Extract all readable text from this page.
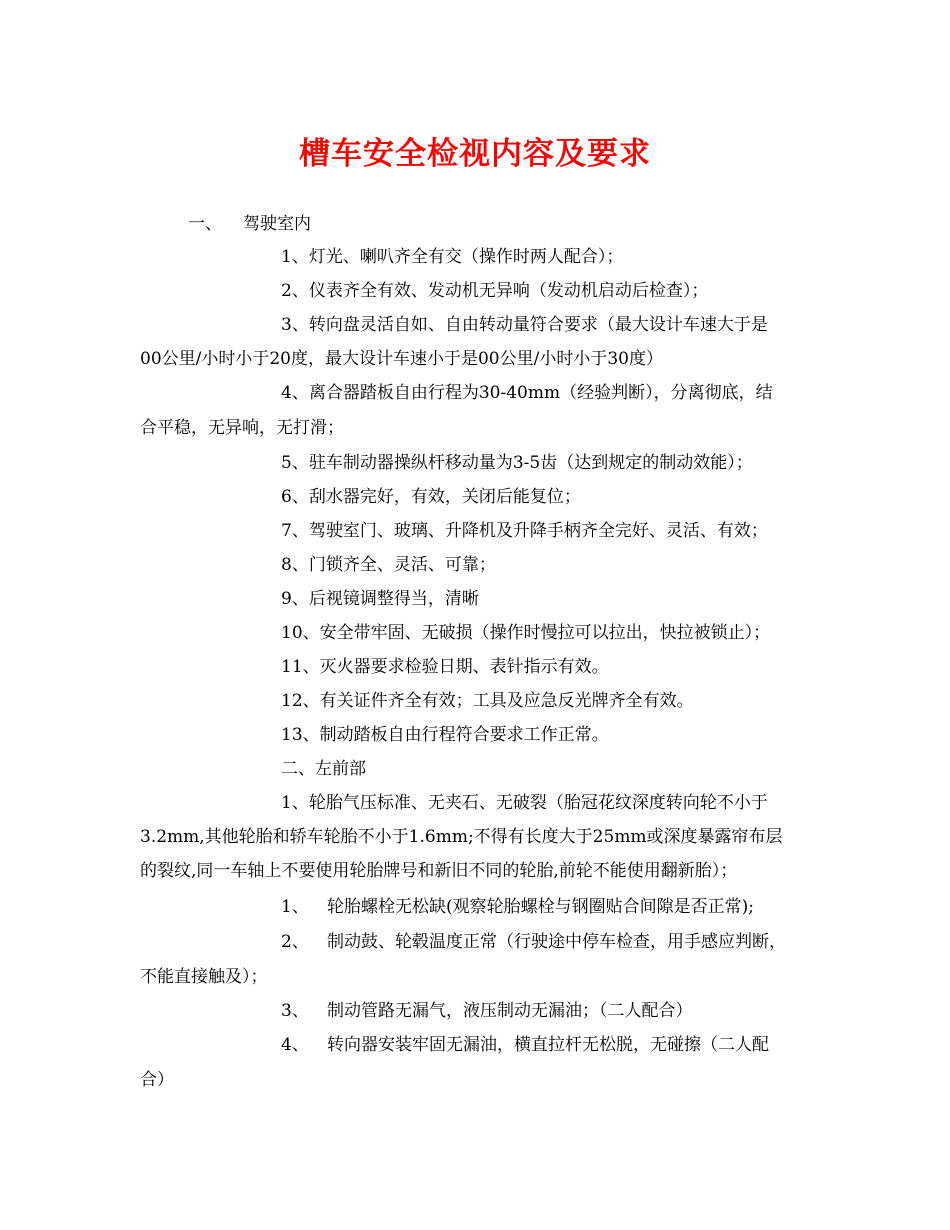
槽车安全检视内容及要求
一、 驾驶室内

1、灯光、喇叭齐全有交（操作时两人配合）；

2、仪表齐全有效、发动机无异响（发动机启动后检查）；

3、转向盘灵活自如、自由转动量符合要求（最大设计车速大于是

00公里/小时小于20度，最大设计车速小于是00公里/小时小于30度）

4、离合器踏板自由行程为30-40mm（经验判断），分离彻底，结

合平稳，无异响，无打滑；

5、驻车制动器操纵杆移动量为3-5齿（达到规定的制动效能）；

6、刮水器完好，有效，关闭后能复位；

7、驾驶室门、玻璃、升降机及升降手柄齐全完好、灵活、有效；

8、门锁齐全、灵活、可靠；

9、后视镜调整得当，清晰

10、安全带牢固、无破损（操作时慢拉可以拉出，快拉被锁止）；

11、灭火器要求检验日期、表针指示有效。

12、有关证件齐全有效；工具及应急反光牌齐全有效。

13、制动踏板自由行程符合要求工作正常。

二、左前部

1、轮胎气压标准、无夹石、无破裂（胎冠花纹深度转向轮不小于

3.2mm,其他轮胎和轿车轮胎不小于1.6mm;不得有长度大于25mm或深度暴露帘布层

的裂纹,同一车轴上不要使用轮胎牌号和新旧不同的轮胎,前轮不能使用翻新胎）；

1、 轮胎螺栓无松缺(观察轮胎螺栓与钢圈贴合间隙是否正常);

2、 制动鼓、轮毂温度正常（行驶途中停车检查，用手感应判断，

不能直接触及）；

3、 制动管路无漏气，液压制动无漏油；（二人配合）

4、 转向器安装牢固无漏油，横直拉杆无松脱，无碰擦（二人配

合）
